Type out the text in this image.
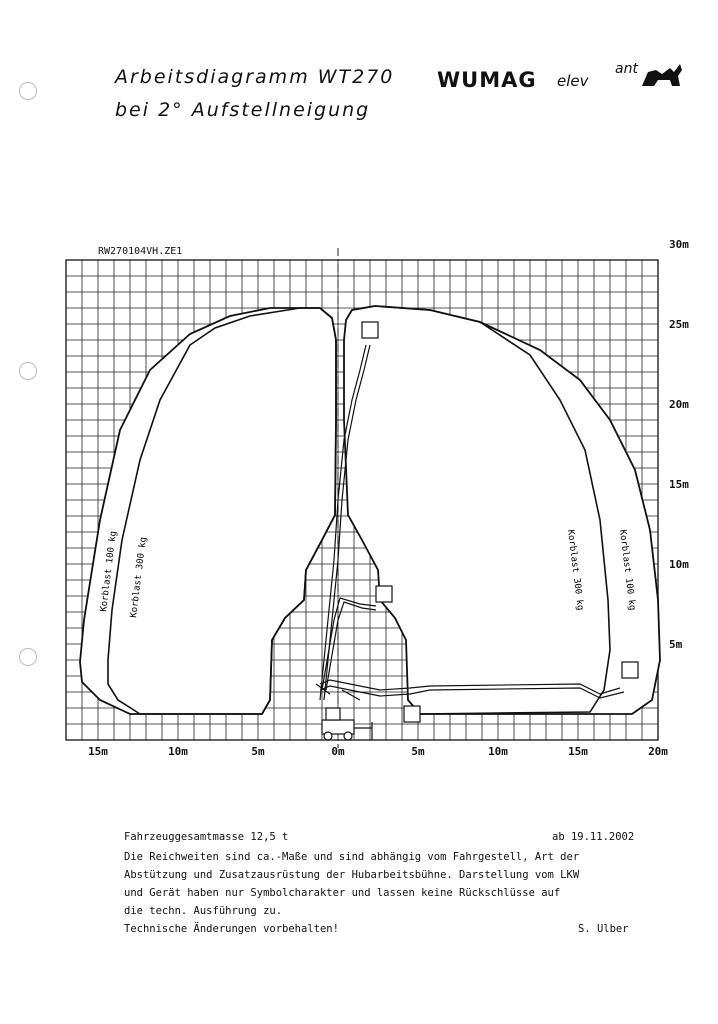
Arbeitsdiagramm WT270
bei 2° Aufstellneigung
WUMAG elev
ant
RW270104VH.ZE1
30m
25m
20m
15m
10m
5m
15m	10m	5m	0m	5m	10m	15m	20m
Korblast 100 kg Korblast 300 kg	Korblast 300 kg	Korblast 100 kg
Fahrzeuggesamtmasse 12,5 t	ab 19.11.2002
Die Reichweiten sind ca.-Maße und sind abhängig vom Fahrgestell, Art der
Abstützung und Zusatzausrüstung der Hubarbeitsbühne. Darstellung vom LKW
und Gerät haben nur Symbolcharakter und lassen keine Rückschlüsse auf
die techn. Ausführung zu.
Technische Änderungen vorbehalten!	S. Ulber
